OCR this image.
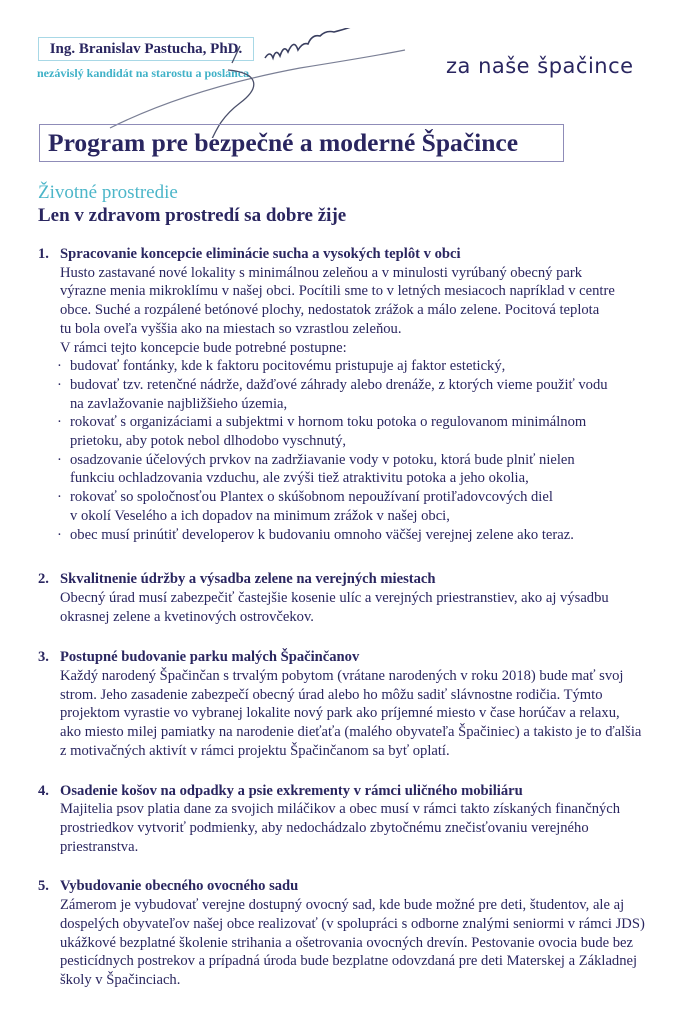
Ing. Branislav Pastucha, PhD.
nezávislý kandidát na starostu a poslanca	za naše špačince
Program pre bezpečné a moderné Špačince
Životné prostredie
Len v zdravom prostredí sa dobre žije
1. Spracovanie koncepcie eliminácie sucha a vysokých teplôt v obci
Husto zastavané nové lokality s minimálnou zeleňou a v minulosti vyrúbaný obecný park
výrazne menia mikroklímu v našej obci. Pocítili sme to v letných mesiacoch napríklad v centre
obce. Suché a rozpálené betónové plochy, nedostatok zrážok a málo zelene. Pocitová teplota
tu bola oveľa vyššia ako na miestach so vzrastlou zeleňou.
V rámci tejto koncepcie bude potrebné postupne:
· budovať fontánky, kde k faktoru pocitovému pristupuje aj faktor estetický,
· budovať tzv. retenčné nádrže, dažďové záhrady alebo drenáže, z ktorých vieme použiť vodu
na zavlažovanie najbližšieho územia,
· rokovať s organizáciami a subjektmi v hornom toku potoka o regulovanom minimálnom
prietoku, aby potok nebol dlhodobo vyschnutý,
· osadzovanie účelových prvkov na zadržiavanie vody v potoku, ktorá bude plniť nielen
funkciu ochladzovania vzduchu, ale zvýši tiež atraktivitu potoka a jeho okolia,
· rokovať so spoločnosťou Plantex o skúšobnom nepoužívaní protiľadovcových diel
v okolí Veselého a ich dopadov na minimum zrážok v našej obci,
· obec musí prinútiť developerov k budovaniu omnoho väčšej verejnej zelene ako teraz.
2. Skvalitnenie údržby a výsadba zelene na verejných miestach
Obecný úrad musí zabezpečiť častejšie kosenie ulíc a verejných priestranstiev, ako aj výsadbu
okrasnej zelene a kvetinových ostrovčekov.
3. Postupné budovanie parku malých Špačinčanov
Každý narodený Špačinčan s trvalým pobytom (vrátane narodených v roku 2018) bude mať svoj
strom. Jeho zasadenie zabezpečí obecný úrad alebo ho môžu sadiť slávnostne rodičia. Týmto
projektom vyrastie vo vybranej lokalite nový park ako príjemné miesto v čase horúčav a relaxu,
ako miesto milej pamiatky na narodenie dieťaťa (malého obyvateľa Špačiniec) a takisto je to ďalšia
z motivačných aktivít v rámci projektu Špačinčanom sa byť oplatí.
4. Osadenie košov na odpadky a psie exkrementy v rámci uličného mobiliáru
Majitelia psov platia dane za svojich miláčikov a obec musí v rámci takto získaných finančných
prostriedkov vytvoriť podmienky, aby nedochádzalo zbytočnému znečisťovaniu verejného
priestranstva.
5. Vybudovanie obecného ovocného sadu
Zámerom je vybudovať verejne dostupný ovocný sad, kde bude možné pre deti, študentov, ale aj
dospelých obyvateľov našej obce realizovať (v spolupráci s odborne znalými seniormi v rámci JDS)
ukážkové bezplatné školenie strihania a ošetrovania ovocných drevín. Pestovanie ovocia bude bez
pesticídnych postrekov a prípadná úroda bude bezplatne odovzdaná pre deti Materskej a Základnej
školy v Špačinciach.
